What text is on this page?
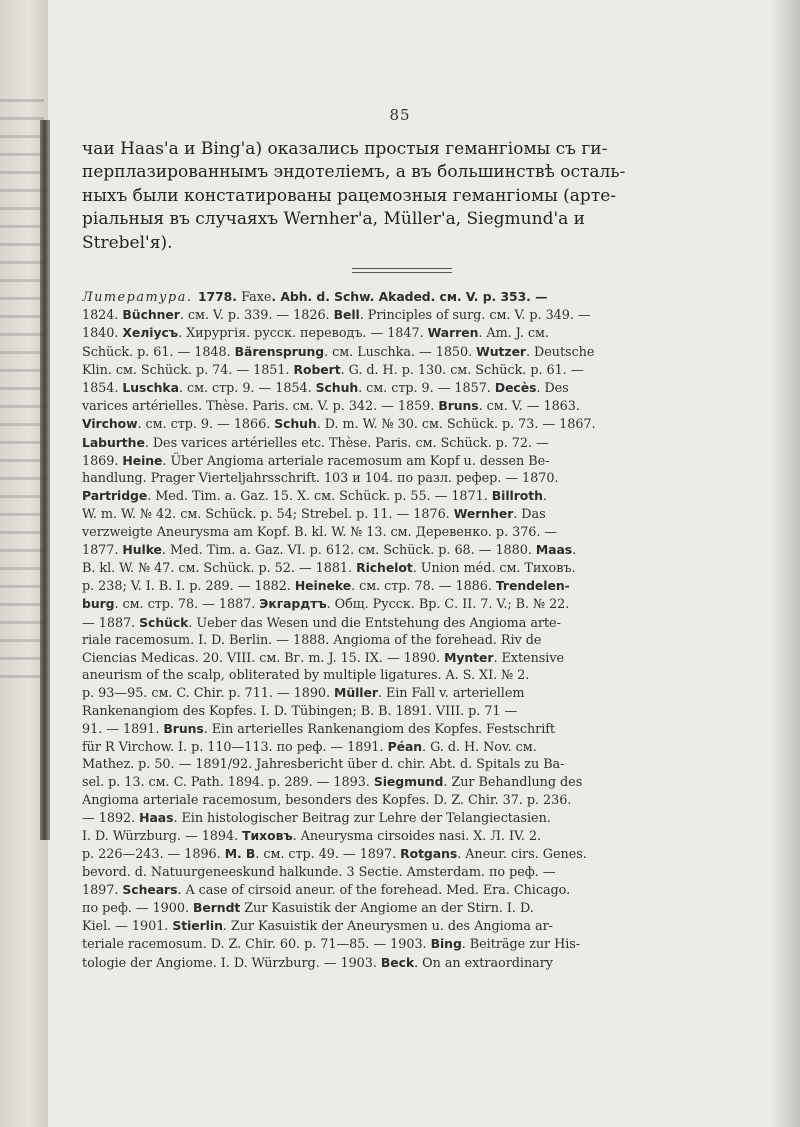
85
чаи Haas'а и Bing'а) оказались простыя гемангіомы съ ги-
перплазированнымъ эндотеліемъ, а въ большинствѣ осталь-
ныхъ были констатированы рацемозныя гемангіомы (арте-
ріальныя въ случаяхъ Wernher'а, Müller'а, Siegmund'а и
Strebel'я).
Литература. 1778. Faxe. Abh. d. Schw. Akaded. см. V. p. 353. —
1824. Büchner. см. V. p. 339. — 1826. Bell. Principles of surg. см. V. p. 349. —
1840. Хеліусъ. Хирургія. русск. переводъ. — 1847. Warren. Am. J. см.
Schück. p. 61. — 1848. Bärensprung. см. Luschka. — 1850. Wutzer. Deutsche
Klin. см. Schück. p. 74. — 1851. Robert. G. d. H. p. 130. см. Schück. p. 61. —
1854. Luschka. см. стр. 9. — 1854. Schuh. см. стр. 9. — 1857. Decès. Des
varices artérielles. Thèse. Paris. см. V. p. 342. — 1859. Bruns. см. V. — 1863.
Virchow. см. стр. 9. — 1866. Schuh. D. m. W. № 30. см. Schück. p. 73. — 1867.
Laburthe. Des varices artérielles etc. Thèse. Paris. см. Schück. p. 72. —
1869. Heine. Über Angioma arteriale racemosum am Kopf u. dessen Be-
handlung. Prager Vierteljahrsschrift. 103 и 104. по разл. рефер. — 1870.
Partridge. Med. Tim. a. Gaz. 15. X. см. Schück. p. 55. — 1871. Billroth.
W. m. W. № 42. см. Schück. p. 54; Strebel. p. 11. — 1876. Wernher. Das
verzweigte Aneurysma am Kopf. B. kl. W. № 13. см. Деревенко. p. 376. —
1877. Hulke. Med. Tim. a. Gaz. VI. p. 612. см. Schück. p. 68. — 1880. Maas.
B. kl. W. № 47. см. Schück. p. 52. — 1881. Richelot. Union méd. см. Тиховъ.
p. 238; V. I. B. I. p. 289. — 1882. Heineke. см. стр. 78. — 1886. Trendelen-
burg. см. стр. 78. — 1887. Экгардтъ. Общ. Русск. Вр. С. II. 7. V.; В. № 22.
— 1887. Schück. Ueber das Wesen und die Entstehung des Angioma arte-
riale racemosum. I. D. Berlin. — 1888. Angioma of the forehead. Riv de
Ciencias Medicas. 20. VIII. см. Вг. m. J. 15. IX. — 1890. Mynter. Extensive
aneurism of the scalp, obliterated by multiple ligatures. A. S. XI. № 2.
p. 93—95. см. C. Chir. p. 711. — 1890. Müller. Ein Fall v. arteriellem
Rankenangiom des Kopfes. I. D. Tübingen; B. B. 1891. VIII. p. 71 —
91. — 1891. Bruns. Ein arterielles Rankenangiom des Kopfes. Festschrift
für R Virchow. I. p. 110—113. по реф. — 1891. Péan. G. d. H. Nov. см.
Mathez. p. 50. — 1891/92. Jahresbericht über d. chir. Abt. d. Spitals zu Ba-
sel. p. 13. см. C. Path. 1894. p. 289. — 1893. Siegmund. Zur Behandlung des
Angioma arteriale racemosum, besonders des Kopfes. D. Z. Chir. 37. p. 236.
— 1892. Haas. Ein histologischer Beitrag zur Lehre der Telangiectasien.
I. D. Würzburg. — 1894. Тиховъ. Aneurysma cirsoides nasi. X. Л. IV. 2.
p. 226—243. — 1896. M. B. см. стр. 49. — 1897. Rotgans. Aneur. cirs. Genes.
bevord. d. Natuurgeneeskund halkunde. 3 Sectie. Amsterdam. по реф. —
1897. Schears. A case of cirsoid aneur. of the forehead. Med. Era. Chicago.
по реф. — 1900. Berndt Zur Kasuistik der Angiome an der Stirn. I. D.
Kiel. — 1901. Stierlin. Zur Kasuistik der Aneurysmen u. des Angioma ar-
teriale racemosum. D. Z. Chir. 60. p. 71—85. — 1903. Bing. Beiträge zur His-
tologie der Angiome. I. D. Würzburg. — 1903. Beck. On an extraordinary
